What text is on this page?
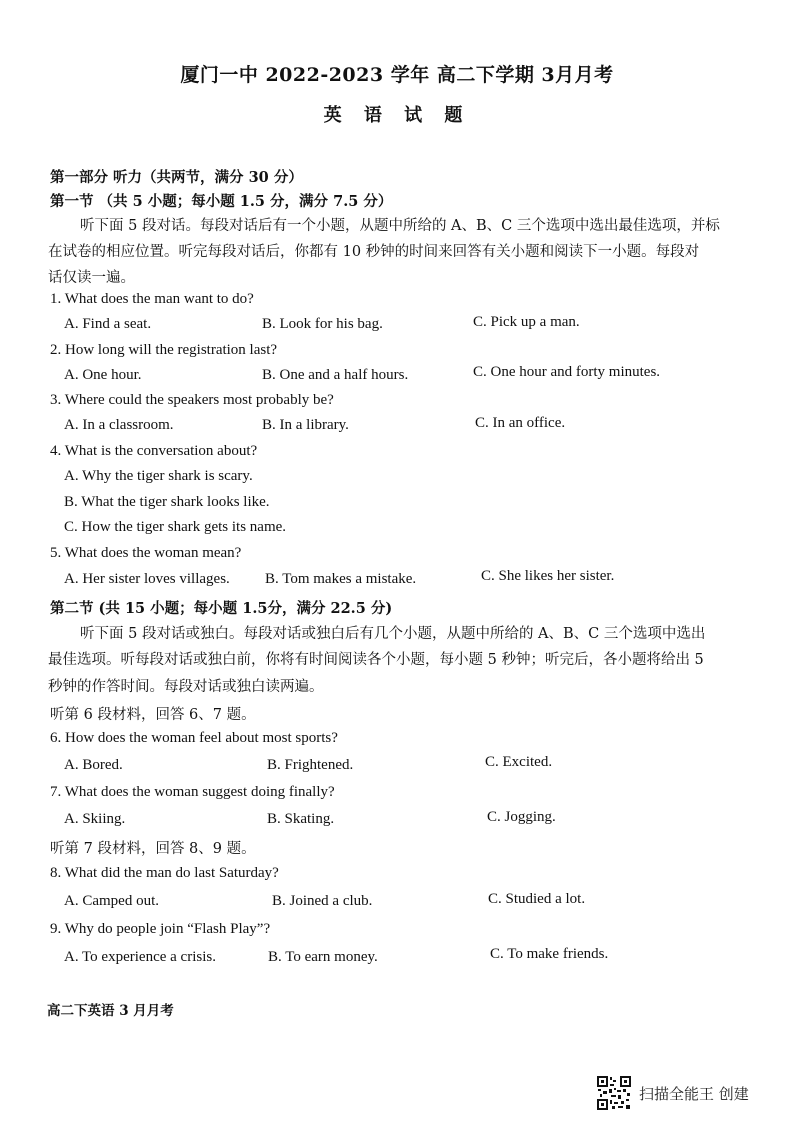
厦门一中 2022-2023 学年 高二下学期 3月月考
英 语 试 题
第一部分 听力（共两节，满分 30 分）
第一节 （共 5 小题；每小题 1.5 分，满分 7.5 分）
听下面 5 段对话。每段对话后有一个小题，从题中所给的 A、B、C 三个选项中选出最佳选项，并标
在试卷的相应位置。听完每段对话后，你都有 10 秒钟的时间来回答有关小题和阅读下一小题。每段对
话仅读一遍。
1. What does the man want to do?
A. Find a seat.	B. Look for his bag.	C. Pick up a man.
2. How long will the registration last?
A. One hour.	B. One and a half hours.	C. One hour and forty minutes.
3. Where could the speakers most probably be?
A. In a classroom.	B. In a library.	C. In an office.
4. What is the conversation about?
A. Why the tiger shark is scary.
B. What the tiger shark looks like.
C. How the tiger shark gets its name.
5. What does the woman mean?
A. Her sister loves villages. B. Tom makes a mistake.	C. She likes her sister.
第二节 (共 15 小题；每小题 1.5分，满分 22.5 分)
听下面 5 段对话或独白。每段对话或独白后有几个小题，从题中所给的 A、B、C 三个选项中选出
最佳选项。听每段对话或独白前，你将有时间阅读各个小题，每小题 5 秒钟；听完后，各小题将给出 5
秒钟的作答时间。每段对话或独白读两遍。
听第 6 段材料，回答 6、7 题。
6. How does the woman feel about most sports?
A. Bored.	B. Frightened.	C. Excited.
7. What does the woman suggest doing finally?
A. Skiing.	B. Skating.	C. Jogging.
听第 7 段材料，回答 8、9 题。
8. What did the man do last Saturday?
A. Camped out.	B. Joined a club.	C. Studied a lot.
9. Why do people join “Flash Play”?
A. To experience a crisis.	B. To earn money.	C. To make friends.
高二下英语 3 月月考
扫描全能王 创建
